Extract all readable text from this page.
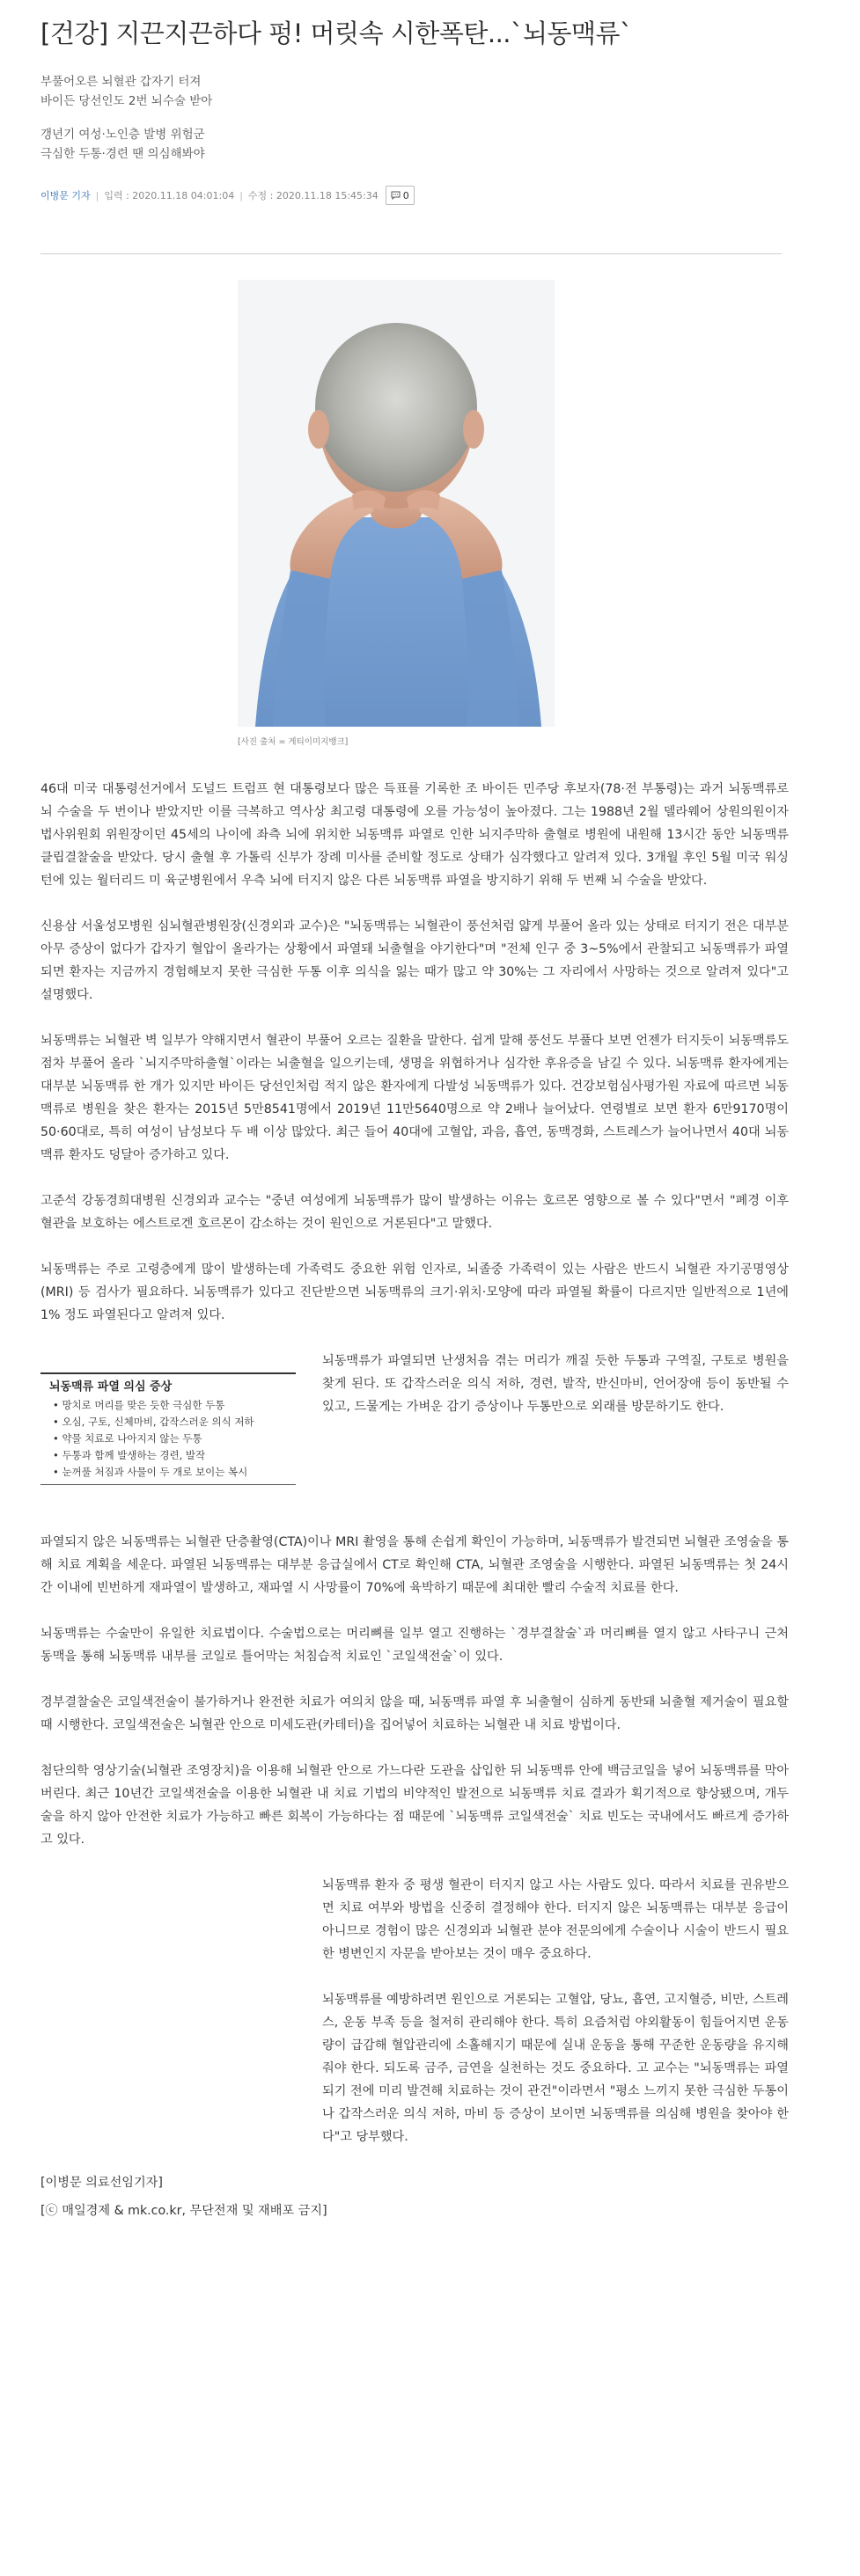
[건강] 지끈지끈하다 펑! 머릿속 시한폭탄...`뇌동맥류`
부풀어오른 뇌혈관 갑자기 터져
바이든 당선인도 2번 뇌수술 받아
갱년기 여성·노인층 발병 위험군
극심한 두통·경련 땐 의심해봐야
이병문 기자 | 입력 : 2020.11.18 04:01:04 | 수정 : 2020.11.18 15:45:34	0
[사진 출처 = 게티이미지뱅크]

46대 미국 대통령선거에서 도널드 트럼프 현 대통령보다 많은 득표를 기록한 조 바이든 민주당 후보자(78·전 부통령)는 과거 뇌동맥류로 뇌 수술을 두 번이나 받았지만 이를 극복하고 역사상 최고령 대통령에 오를 가능성이 높아졌다. 그는 1988년 2월 델라웨어 상원의원이자 법사위원회 위원장이던 45세의 나이에 좌측 뇌에 위치한 뇌동맥류 파열로 인한 뇌지주막하 출혈로 병원에 내원해 13시간 동안 뇌동맥류 클립결찰술을 받았다. 당시 출혈 후 가톨릭 신부가 장례 미사를 준비할 정도로 상태가 심각했다고 알려져 있다. 3개월 후인 5월 미국 워싱턴에 있는 월터리드 미 육군병원에서 우측 뇌에 터지지 않은 다른 뇌동맥류 파열을 방지하기 위해 두 번째 뇌 수술을 받았다.

신용삼 서울성모병원 심뇌혈관병원장(신경외과 교수)은 "뇌동맥류는 뇌혈관이 풍선처럼 얇게 부풀어 올라 있는 상태로 터지기 전은 대부분 아무 증상이 없다가 갑자기 혈압이 올라가는 상황에서 파열돼 뇌출혈을 야기한다"며 "전체 인구 중 3~5%에서 관찰되고 뇌동맥류가 파열되면 환자는 지금까지 경험해보지 못한 극심한 두통 이후 의식을 잃는 때가 많고 약 30%는 그 자리에서 사망하는 것으로 알려져 있다"고 설명했다.

뇌동맥류는 뇌혈관 벽 일부가 약해지면서 혈관이 부풀어 오르는 질환을 말한다. 쉽게 말해 풍선도 부풀다 보면 언젠가 터지듯이 뇌동맥류도 점차 부풀어 올라 `뇌지주막하출혈`이라는 뇌출혈을 일으키는데, 생명을 위협하거나 심각한 후유증을 남길 수 있다. 뇌동맥류 환자에게는 대부분 뇌동맥류 한 개가 있지만 바이든 당선인처럼 적지 않은 환자에게 다발성 뇌동맥류가 있다. 건강보험심사평가원 자료에 따르면 뇌동맥류로 병원을 찾은 환자는 2015년 5만8541명에서 2019년 11만5640명으로 약 2배나 늘어났다. 연령별로 보면 환자 6만9170명이 50·60대로, 특히 여성이 남성보다 두 배 이상 많았다. 최근 들어 40대에 고혈압, 과음, 흡연, 동맥경화, 스트레스가 늘어나면서 40대 뇌동맥류 환자도 덩달아 증가하고 있다.

고준석 강동경희대병원 신경외과 교수는 "중년 여성에게 뇌동맥류가 많이 발생하는 이유는 호르몬 영향으로 볼 수 있다"면서 "폐경 이후 혈관을 보호하는 에스트로겐 호르몬이 감소하는 것이 원인으로 거론된다"고 말했다.

뇌동맥류는 주로 고령층에게 많이 발생하는데 가족력도 중요한 위험 인자로, 뇌졸중 가족력이 있는 사람은 반드시 뇌혈관 자기공명영상(MRI) 등 검사가 필요하다. 뇌동맥류가 있다고 진단받으면 뇌동맥류의 크기·위치·모양에 따라 파열될 확률이 다르지만 일반적으로 1년에 1% 정도 파열된다고 알려져 있다.

뇌동맥류 파열 의심 증상
• 망치로 머리를 맞은 듯한 극심한 두통
• 오심, 구토, 신체마비, 갑작스러운 의식 저하
• 약물 치료로 나아지지 않는 두통
• 두통과 함께 발생하는 경련, 발작
• 눈꺼풀 처짐과 사물이 두 개로 보이는 복시

뇌동맥류가 파열되면 난생처음 겪는 머리가 깨질 듯한 두통과 구역질, 구토로 병원을 찾게 된다. 또 갑작스러운 의식 저하, 경련, 발작, 반신마비, 언어장애 등이 동반될 수 있고, 드물게는 가벼운 감기 증상이나 두통만으로 외래를 방문하기도 한다.

파열되지 않은 뇌동맥류는 뇌혈관 단층촬영(CTA)이나 MRI 촬영을 통해 손쉽게 확인이 가능하며, 뇌동맥류가 발견되면 뇌혈관 조영술을 통해 치료 계획을 세운다. 파열된 뇌동맥류는 대부분 응급실에서 CT로 확인해 CTA, 뇌혈관 조영술을 시행한다. 파열된 뇌동맥류는 첫 24시간 이내에 빈번하게 재파열이 발생하고, 재파열 시 사망률이 70%에 육박하기 때문에 최대한 빨리 수술적 치료를 한다.

뇌동맥류는 수술만이 유일한 치료법이다. 수술법으로는 머리뼈를 일부 열고 진행하는 `경부결찰술`과 머리뼈를 열지 않고 사타구니 근처 동맥을 통해 뇌동맥류 내부를 코일로 틀어막는 처침습적 치료인 `코일색전술`이 있다.

경부결찰술은 코일색전술이 불가하거나 완전한 치료가 여의치 않을 때, 뇌동맥류 파열 후 뇌출혈이 심하게 동반돼 뇌출혈 제거술이 필요할 때 시행한다. 코일색전술은 뇌혈관 안으로 미세도관(카테터)을 집어넣어 치료하는 뇌혈관 내 치료 방법이다.

첨단의학 영상기술(뇌혈관 조영장치)을 이용해 뇌혈관 안으로 가느다란 도관을 삽입한 뒤 뇌동맥류 안에 백금코일을 넣어 뇌동맥류를 막아버린다. 최근 10년간 코일색전술을 이용한 뇌혈관 내 치료 기법의 비약적인 발전으로 뇌동맥류 치료 결과가 획기적으로 향상됐으며, 개두술을 하지 않아 안전한 치료가 가능하고 빠른 회복이 가능하다는 점 때문에 `뇌동맥류 코일색전술` 치료 빈도는 국내에서도 빠르게 증가하고 있다.

뇌동맥류 환자 중 평생 혈관이 터지지 않고 사는 사람도 있다. 따라서 치료를 권유받으면 치료 여부와 방법을 신중히 결정해야 한다. 터지지 않은 뇌동맥류는 대부분 응급이 아니므로 경험이 많은 신경외과 뇌혈관 분야 전문의에게 수술이나 시술이 반드시 필요한 병변인지 자문을 받아보는 것이 매우 중요하다.

뇌동맥류를 예방하려면 원인으로 거론되는 고혈압, 당뇨, 흡연, 고지혈증, 비만, 스트레스, 운동 부족 등을 철저히 관리해야 한다. 특히 요즘처럼 야외활동이 힘들어지면 운동량이 급감해 혈압관리에 소홀해지기 때문에 실내 운동을 통해 꾸준한 운동량을 유지해줘야 한다. 되도록 금주, 금연을 실천하는 것도 중요하다. 고 교수는 "뇌동맥류는 파열되기 전에 미리 발견해 치료하는 것이 관건"이라면서 "평소 느끼지 못한 극심한 두통이나 갑작스러운 의식 저하, 마비 등 증상이 보이면 뇌동맥류를 의심해 병원을 찾아야 한다"고 당부했다.

[이병문 의료선임기자]
[ⓒ 매일경제 & mk.co.kr, 무단전재 및 재배포 금지]
